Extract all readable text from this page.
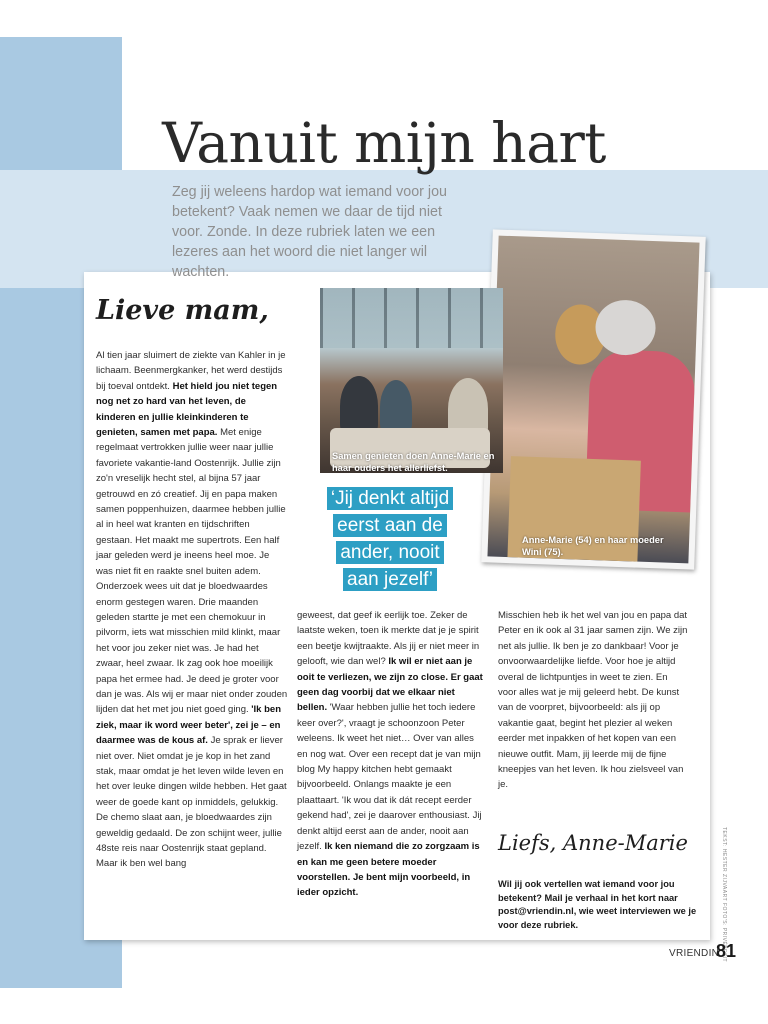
Vanuit mijn hart

Zeg jij weleens hardop wat iemand voor jou betekent? Vaak nemen we daar de tijd niet voor. Zonde. In deze rubriek laten we een lezeres aan het woord die niet langer wil wachten.

Anne-Marie (54) en haar moeder Wini (75).

Lieve mam,

Al tien jaar sluimert de ziekte van Kahler in je lichaam. Beenmergkanker, het werd destijds bij toeval ontdekt. Het hield jou niet tegen nog net zo hard van het leven, de kinderen en jullie kleinkinderen te genieten, samen met papa. Met enige regelmaat vertrokken jullie weer naar jullie favoriete vakantie-land Oostenrijk. Jullie zijn zo'n vreselijk hecht stel, al bijna 57 jaar getrouwd en zó creatief. Jij en papa maken samen poppenhuizen, daarmee hebben jullie al in heel wat kranten en tijdschriften gestaan. Het maakt me supertrots. Een half jaar geleden werd je ineens heel moe. Je was niet fit en raakte snel buiten adem. Onderzoek wees uit dat je bloedwaardes enorm gestegen waren. Drie maanden geleden startte je met een chemokuur in pilvorm, iets wat misschien mild klinkt, maar het voor jou zeker niet was. Je had het zwaar, heel zwaar. Ik zag ook hoe moeilijk papa het ermee had. Je deed je groter voor dan je was. Als wij er maar niet onder zouden lijden dat het met jou niet goed ging. 'Ik ben ziek, maar ik word weer beter', zei je – en daarmee was de kous af. Je sprak er liever niet over. Niet omdat je je kop in het zand stak, maar omdat je het leven wilde leven en het over leuke dingen wilde hebben. Het gaat weer de goede kant op inmiddels, gelukkig. De chemo slaat aan, je bloedwaardes zijn geweldig gedaald. De zon schijnt weer, jullie 48ste reis naar Oostenrijk staat gepland. Maar ik ben wel bang

Samen genieten doen Anne-Marie en haar ouders het allerliefst.

‘Jij denkt altijd
eerst aan de
ander, nooit
aan jezelf’

geweest, dat geef ik eerlijk toe. Zeker de laatste weken, toen ik merkte dat je je spirit een beetje kwijtraakte. Als jij er niet meer in gelooft, wie dan wel? Ik wil er niet aan je ooit te verliezen, we zijn zo close. Er gaat geen dag voorbij dat we elkaar niet bellen. 'Waar hebben jullie het toch iedere keer over?', vraagt je schoonzoon Peter weleens. Ik weet het niet… Over van alles en nog wat. Over een recept dat je van mijn blog My happy kitchen hebt gemaakt bijvoorbeeld. Onlangs maakte je een plaattaart. 'Ik wou dat ik dát recept eerder gekend had', zei je daarover enthousiast. Jij denkt altijd eerst aan de ander, nooit aan jezelf. Ik ken niemand die zo zorgzaam is en kan me geen betere moeder voorstellen. Je bent mijn voorbeeld, in ieder opzicht.

Misschien heb ik het wel van jou en papa dat Peter en ik ook al 31 jaar samen zijn. We zijn net als jullie. Ik ben je zo dankbaar! Voor je onvoorwaardelijke liefde. Voor hoe je altijd overal de lichtpuntjes in weet te zien. En voor alles wat je mij geleerd hebt. De kunst van de voorpret, bijvoorbeeld: als jij op vakantie gaat, begint het plezier al weken eerder met inpakken of het kopen van een nieuwe outfit. Mam, jij leerde mij de fijne kneepjes van het leven. Ik hou zielsveel van je.

Liefs, Anne-Marie

Wil jij ook vertellen wat iemand voor jou betekent? Mail je verhaal in het kort naar post@vriendin.nl, wie weet interviewen we je voor deze rubriek.	TEKST: HESTER ZIJVAART FOTO'S: PRIVÉBEZIT

VRIENDIN

81
